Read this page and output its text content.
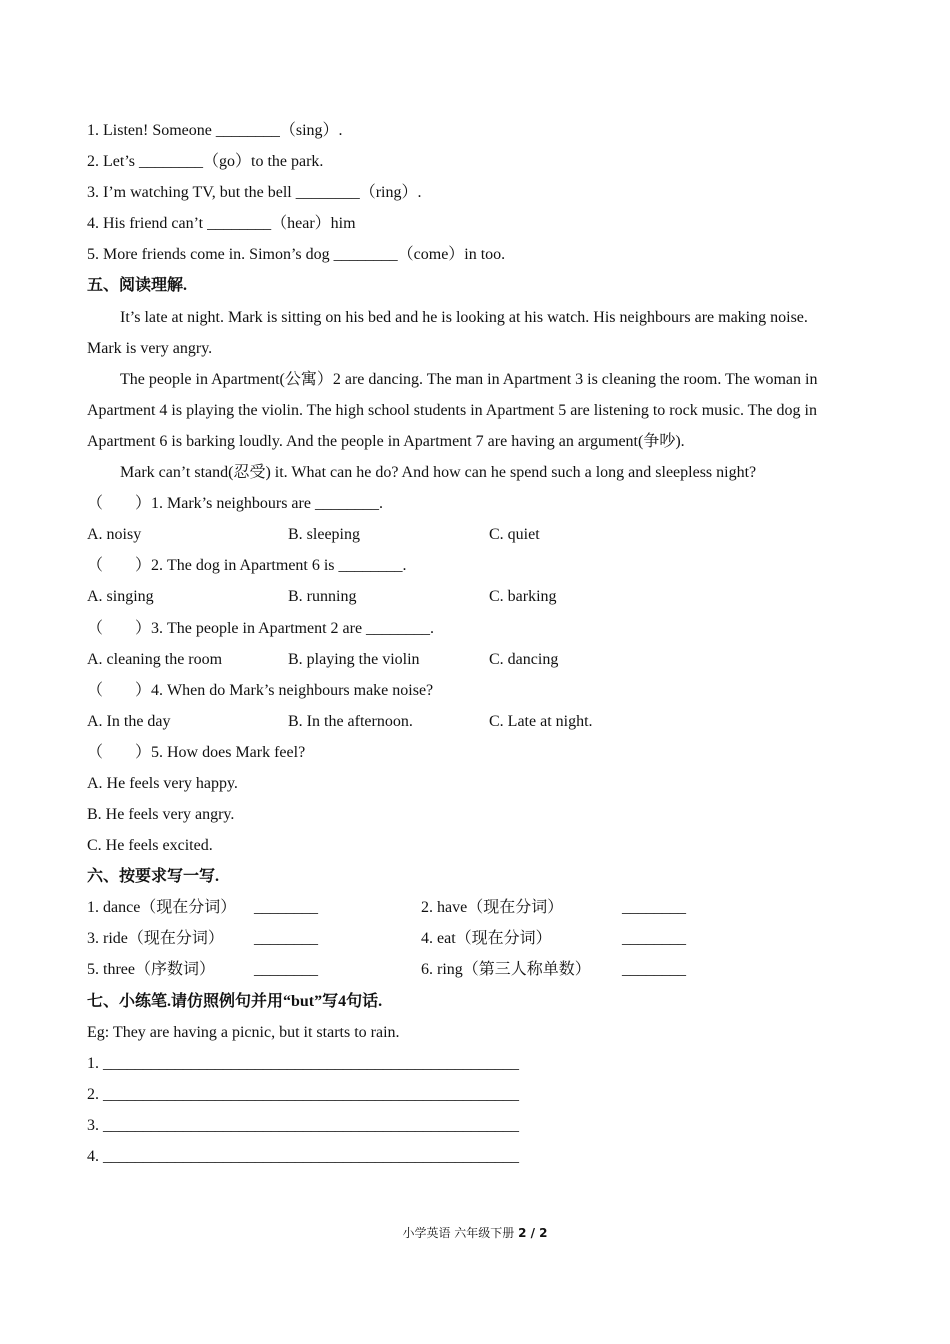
1. Listen! Someone ________（sing）.
2. Let’s ________（go）to the park.
3. I’m watching TV, but the bell ________（ring）.
4. His friend can’t ________（hear）him
5. More friends come in. Simon’s dog ________（come）in too.
五、阅读理解.
It’s late at night. Mark is sitting on his bed and he is looking at his watch. His neighbours are making noise.
Mark is very angry.
The people in Apartment(公寓）2 are dancing. The man in Apartment 3 is cleaning the room. The woman in
Apartment 4 is playing the violin. The high school students in Apartment 5 are listening to rock music. The dog in
Apartment 6 is barking loudly. And the people in Apartment 7 are having an argument(争吵).
Mark can’t stand(忍受) it. What can he do? And how can he spend such a long and sleepless night?
（　　）1. Mark’s neighbours are ________.
A. noisy	B. sleeping	C. quiet
（　　）2. The dog in Apartment 6 is ________.
A. singing	B. running	C. barking
（　　）3. The people in Apartment 2 are ________.
A. cleaning the room	B. playing the violin	C. dancing
（　　）4. When do Mark’s neighbours make noise?
A. In the day	B. In the afternoon.	C. Late at night.
（　　）5. How does Mark feel?
A. He feels very happy.
B. He feels very angry.
C. He feels excited.
六、按要求写一写.
1. dance（现在分词） ________	2. have（现在分词）	________
3. ride（现在分词） ________	4. eat（现在分词）	________
5. three（序数词） ________	6. ring（第三人称单数） ________
七、小练笔.请仿照例句并用“but”写4句话.
Eg: They are having a picnic, but it starts to rain.
1. ____________________________________________________
2. ____________________________________________________
3. ____________________________________________________
4. ____________________________________________________
小学英语 六年级下册 2 / 2
